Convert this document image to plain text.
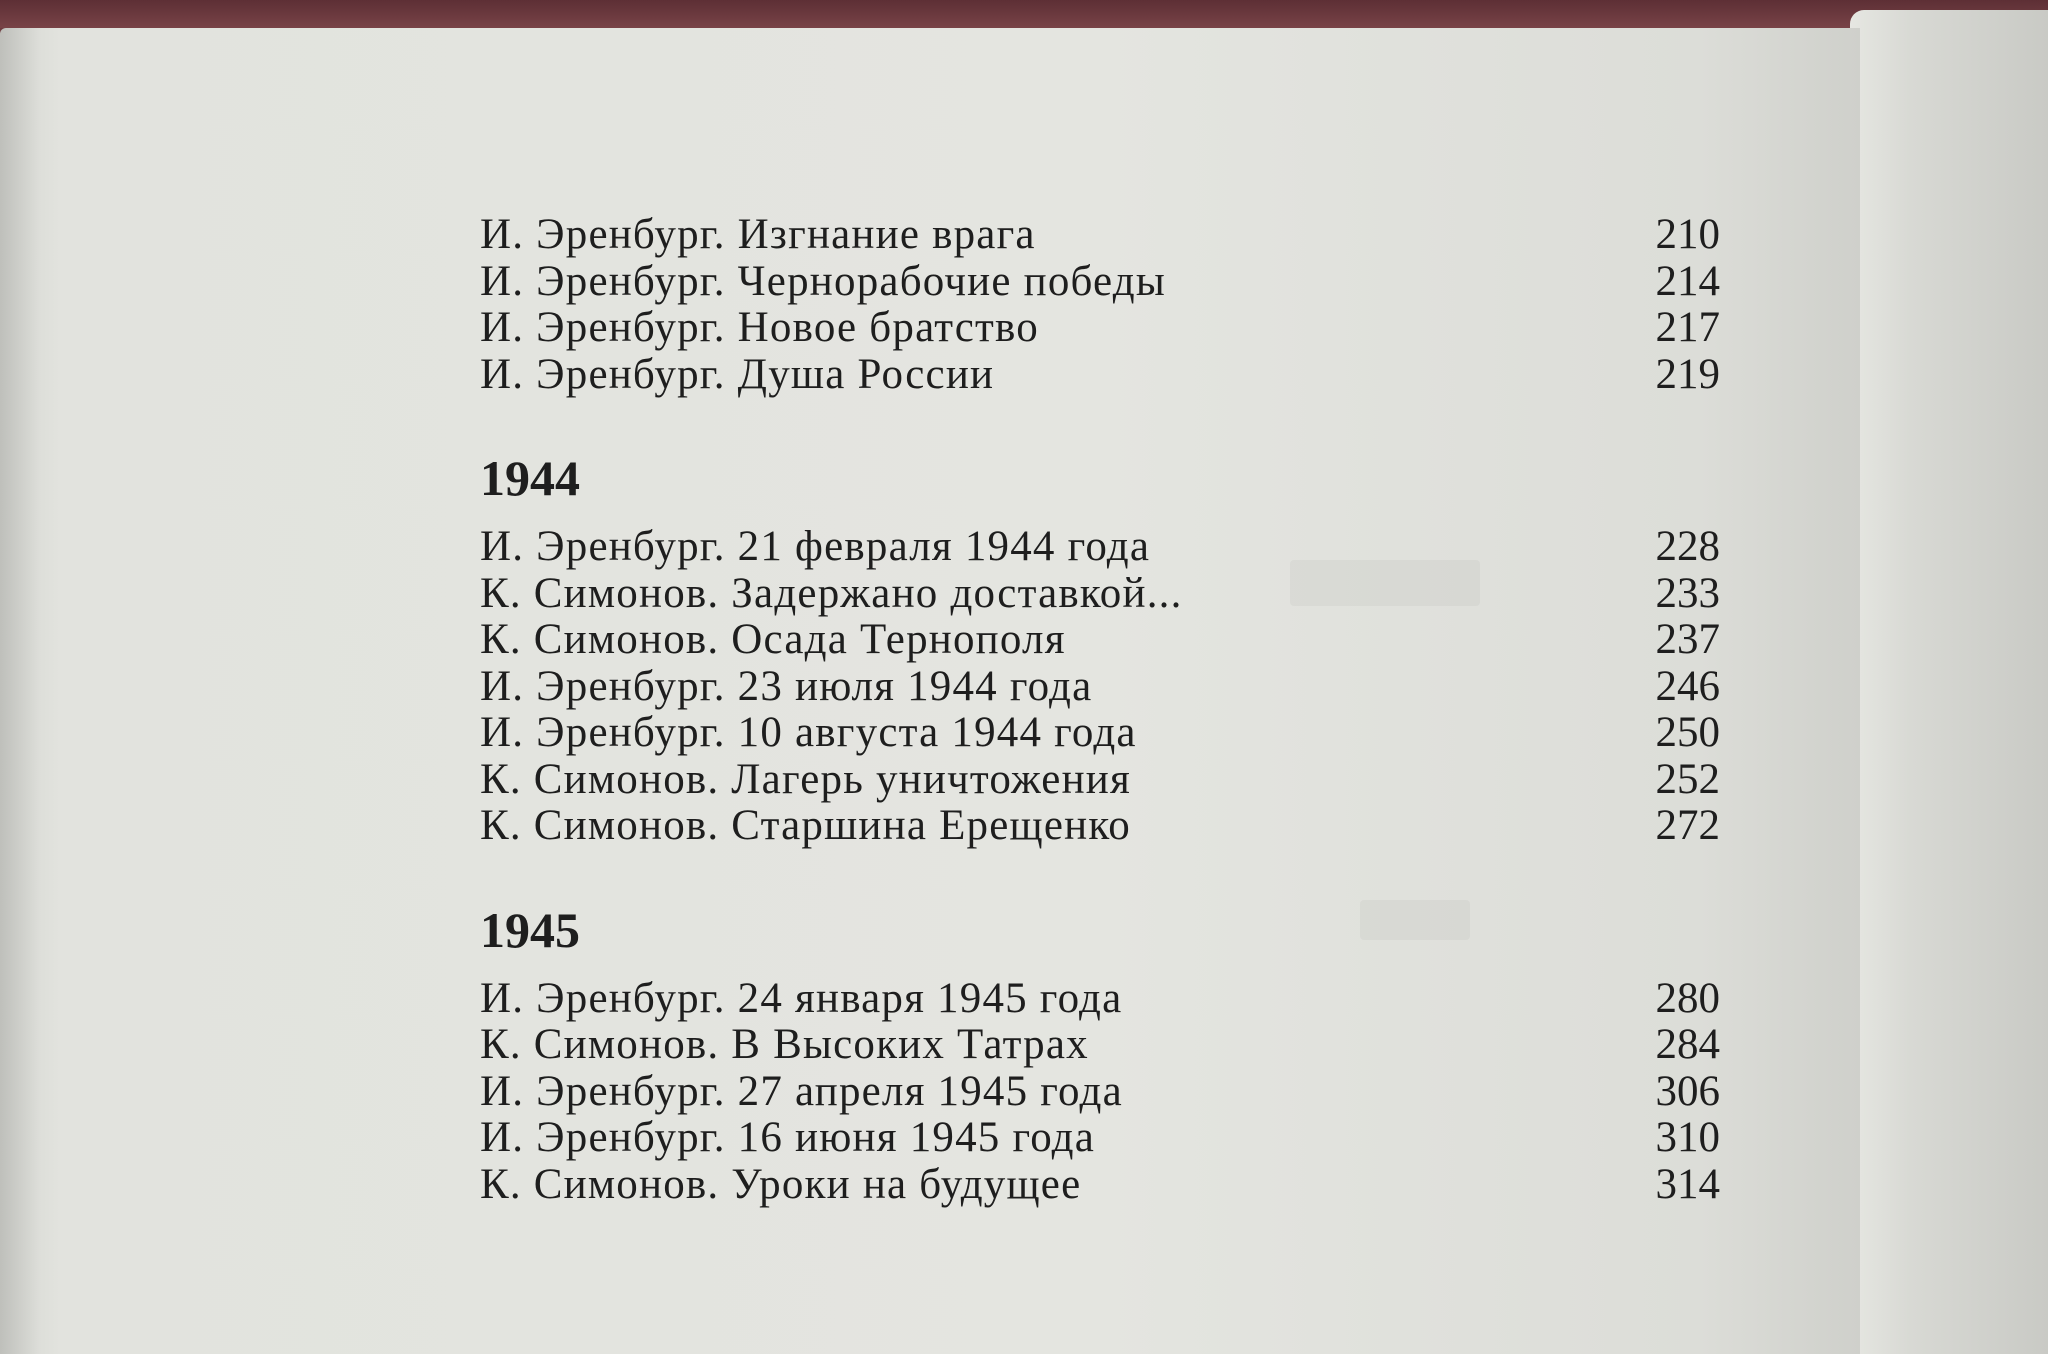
И. Эренбург. Изгнание врага	210
И. Эренбург. Чернорабочие победы	214
И. Эренбург. Новое братство	217
И. Эренбург. Душа России	219
1944
И. Эренбург. 21 февраля 1944 года	228
К. Симонов. Задержано доставкой...	233
К. Симонов. Осада Тернополя	237
И. Эренбург. 23 июля 1944 года	246
И. Эренбург. 10 августа 1944 года	250
К. Симонов. Лагерь уничтожения	252
К. Симонов. Старшина Ерещенко	272
1945
И. Эренбург. 24 января 1945 года	280
К. Симонов. В Высоких Татрах	284
И. Эренбург. 27 апреля 1945 года	306
И. Эренбург. 16 июня 1945 года	310
К. Симонов. Уроки на будущее	314
